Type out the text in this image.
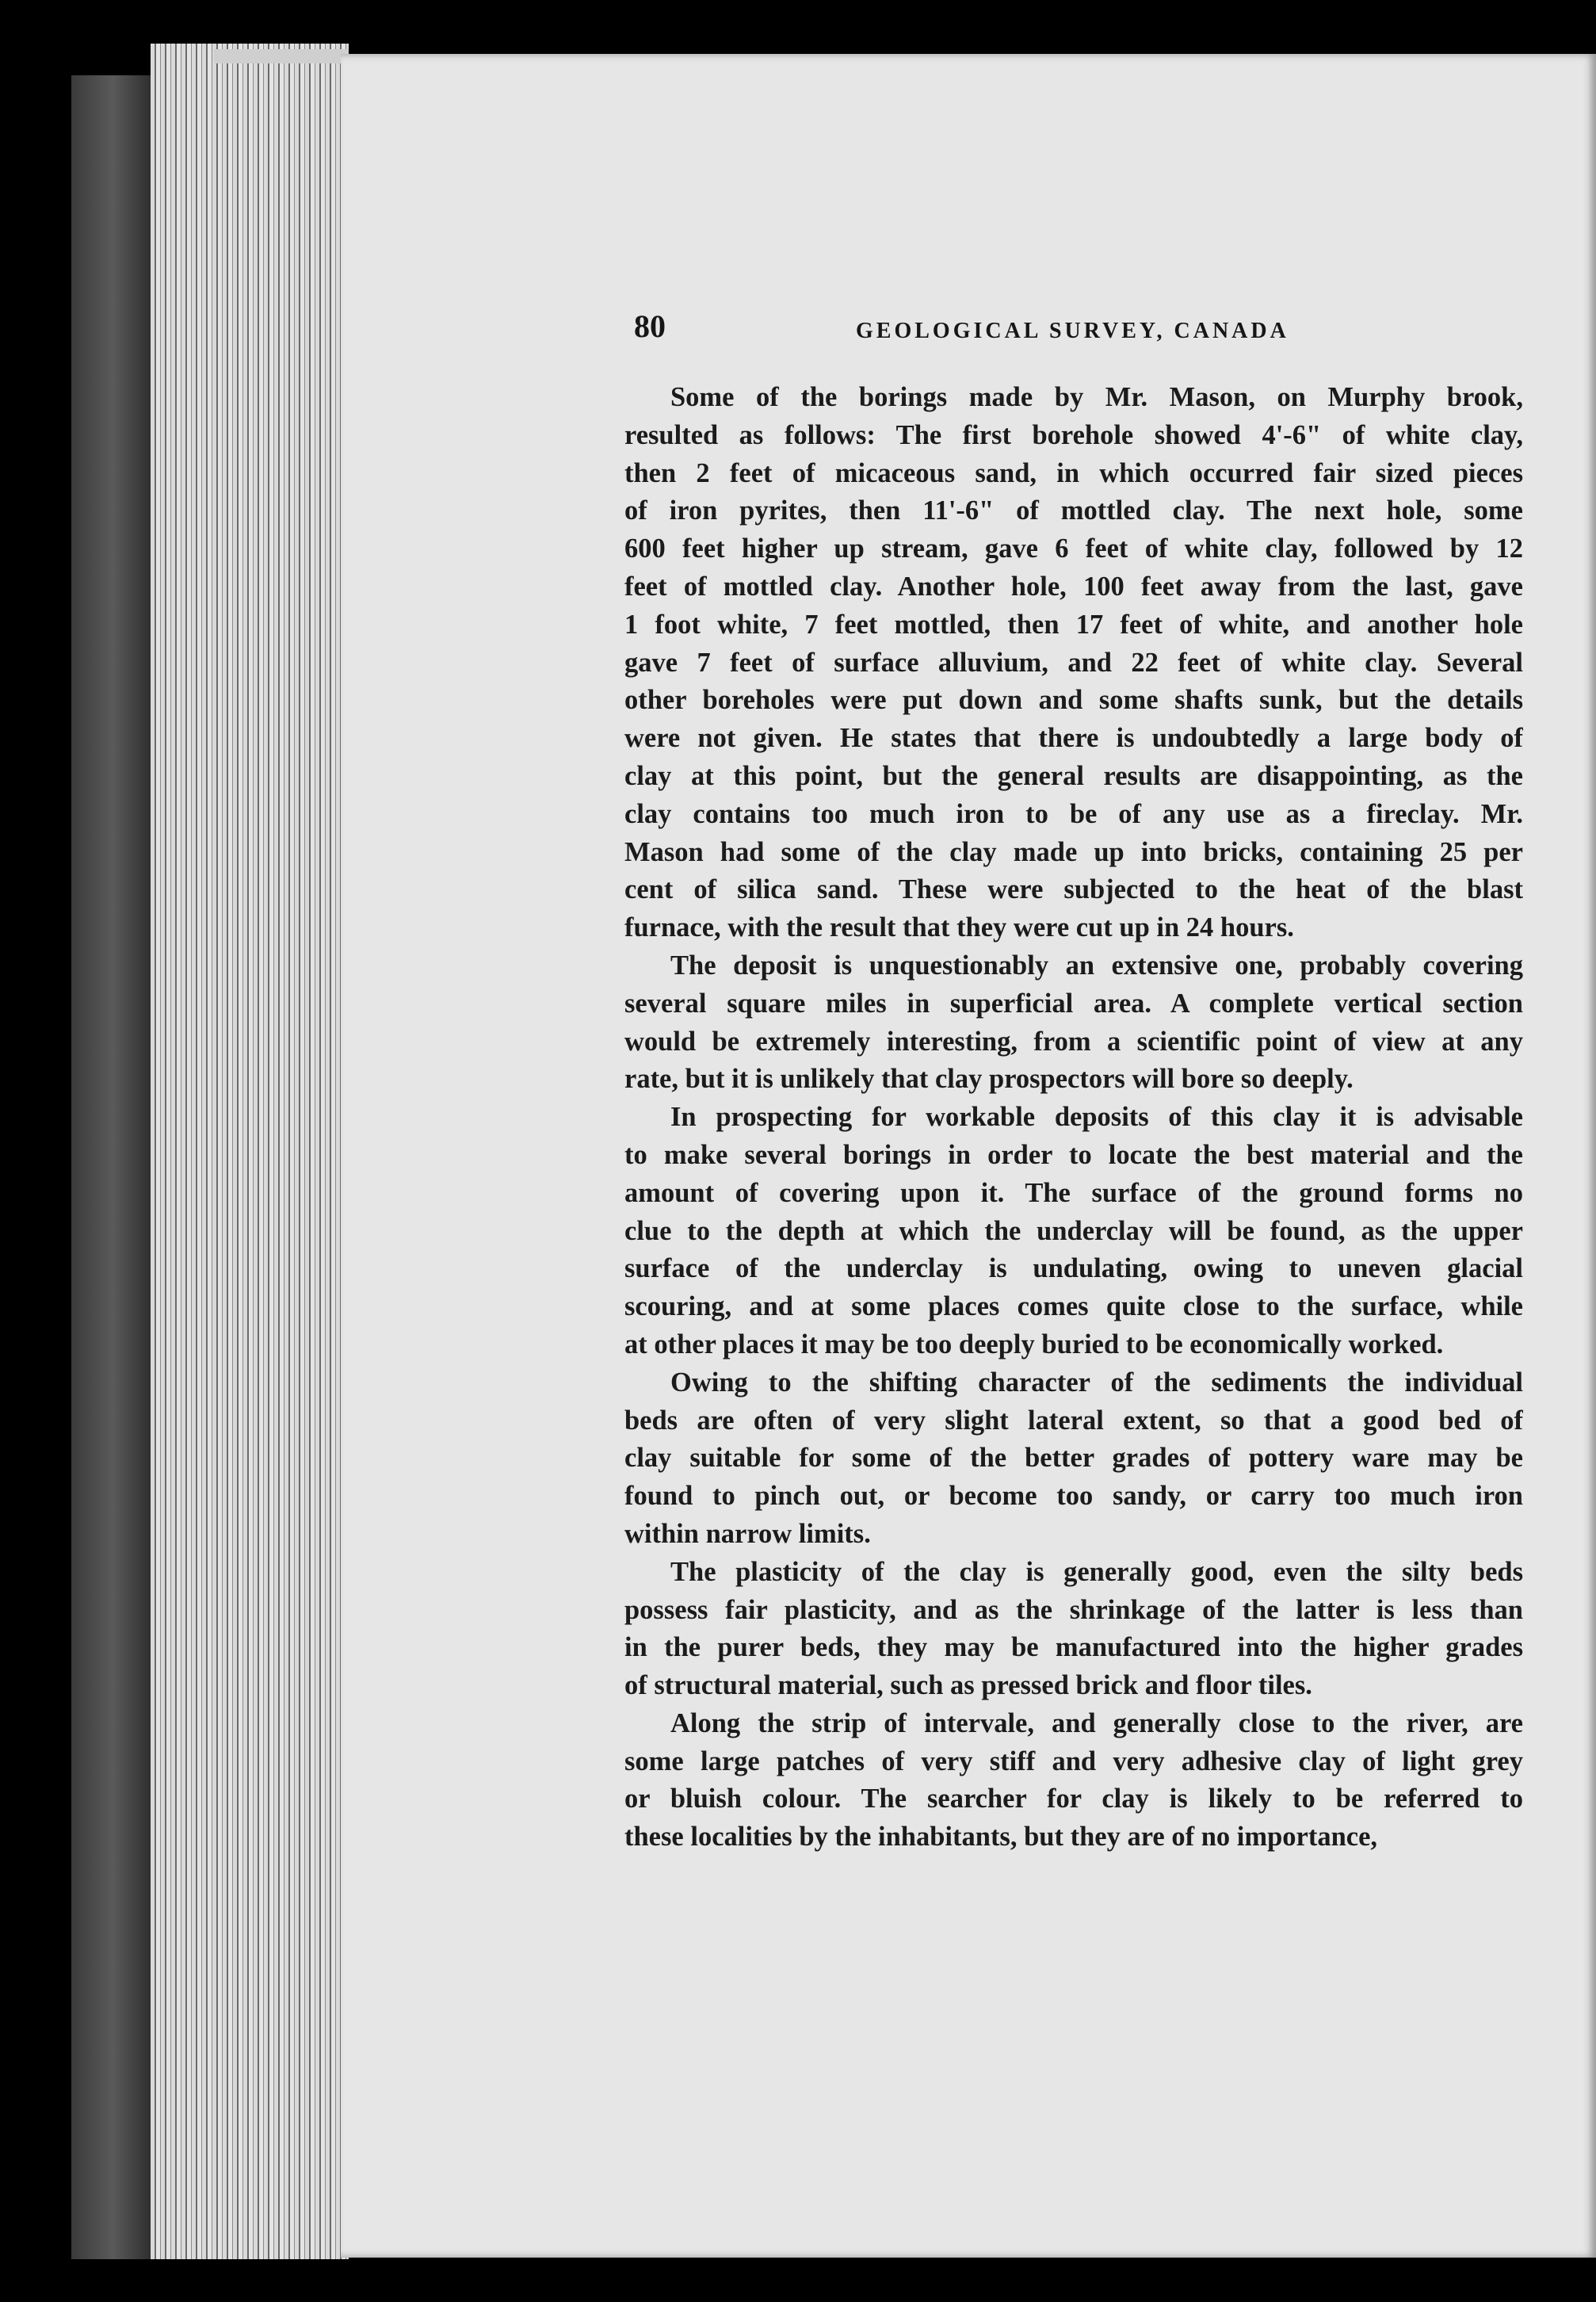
80	GEOLOGICAL SURVEY, CANADA
Some of the borings made by Mr. Mason, on Murphy brook,
resulted as follows: The first borehole showed 4'-6" of white clay,
then 2 feet of micaceous sand, in which occurred fair sized pieces
of iron pyrites, then 11'-6" of mottled clay. The next hole, some
600 feet higher up stream, gave 6 feet of white clay, followed by 12
feet of mottled clay. Another hole, 100 feet away from the last, gave
1 foot white, 7 feet mottled, then 17 feet of white, and another hole
gave 7 feet of surface alluvium, and 22 feet of white clay. Several
other boreholes were put down and some shafts sunk, but the details
were not given. He states that there is undoubtedly a large body of
clay at this point, but the general results are disappointing, as the
clay contains too much iron to be of any use as a fireclay. Mr.
Mason had some of the clay made up into bricks, containing 25 per
cent of silica sand. These were subjected to the heat of the blast
furnace, with the result that they were cut up in 24 hours.
The deposit is unquestionably an extensive one, probably covering
several square miles in superficial area. A complete vertical section
would be extremely interesting, from a scientific point of view at any
rate, but it is unlikely that clay prospectors will bore so deeply.
In prospecting for workable deposits of this clay it is advisable
to make several borings in order to locate the best material and the
amount of covering upon it. The surface of the ground forms no
clue to the depth at which the underclay will be found, as the upper
surface of the underclay is undulating, owing to uneven glacial
scouring, and at some places comes quite close to the surface, while
at other places it may be too deeply buried to be economically worked.
Owing to the shifting character of the sediments the individual
beds are often of very slight lateral extent, so that a good bed of
clay suitable for some of the better grades of pottery ware may be
found to pinch out, or become too sandy, or carry too much iron
within narrow limits.
The plasticity of the clay is generally good, even the silty beds
possess fair plasticity, and as the shrinkage of the latter is less than
in the purer beds, they may be manufactured into the higher grades
of structural material, such as pressed brick and floor tiles.
Along the strip of intervale, and generally close to the river, are
some large patches of very stiff and very adhesive clay of light grey
or bluish colour. The searcher for clay is likely to be referred to
these localities by the inhabitants, but they are of no importance,
